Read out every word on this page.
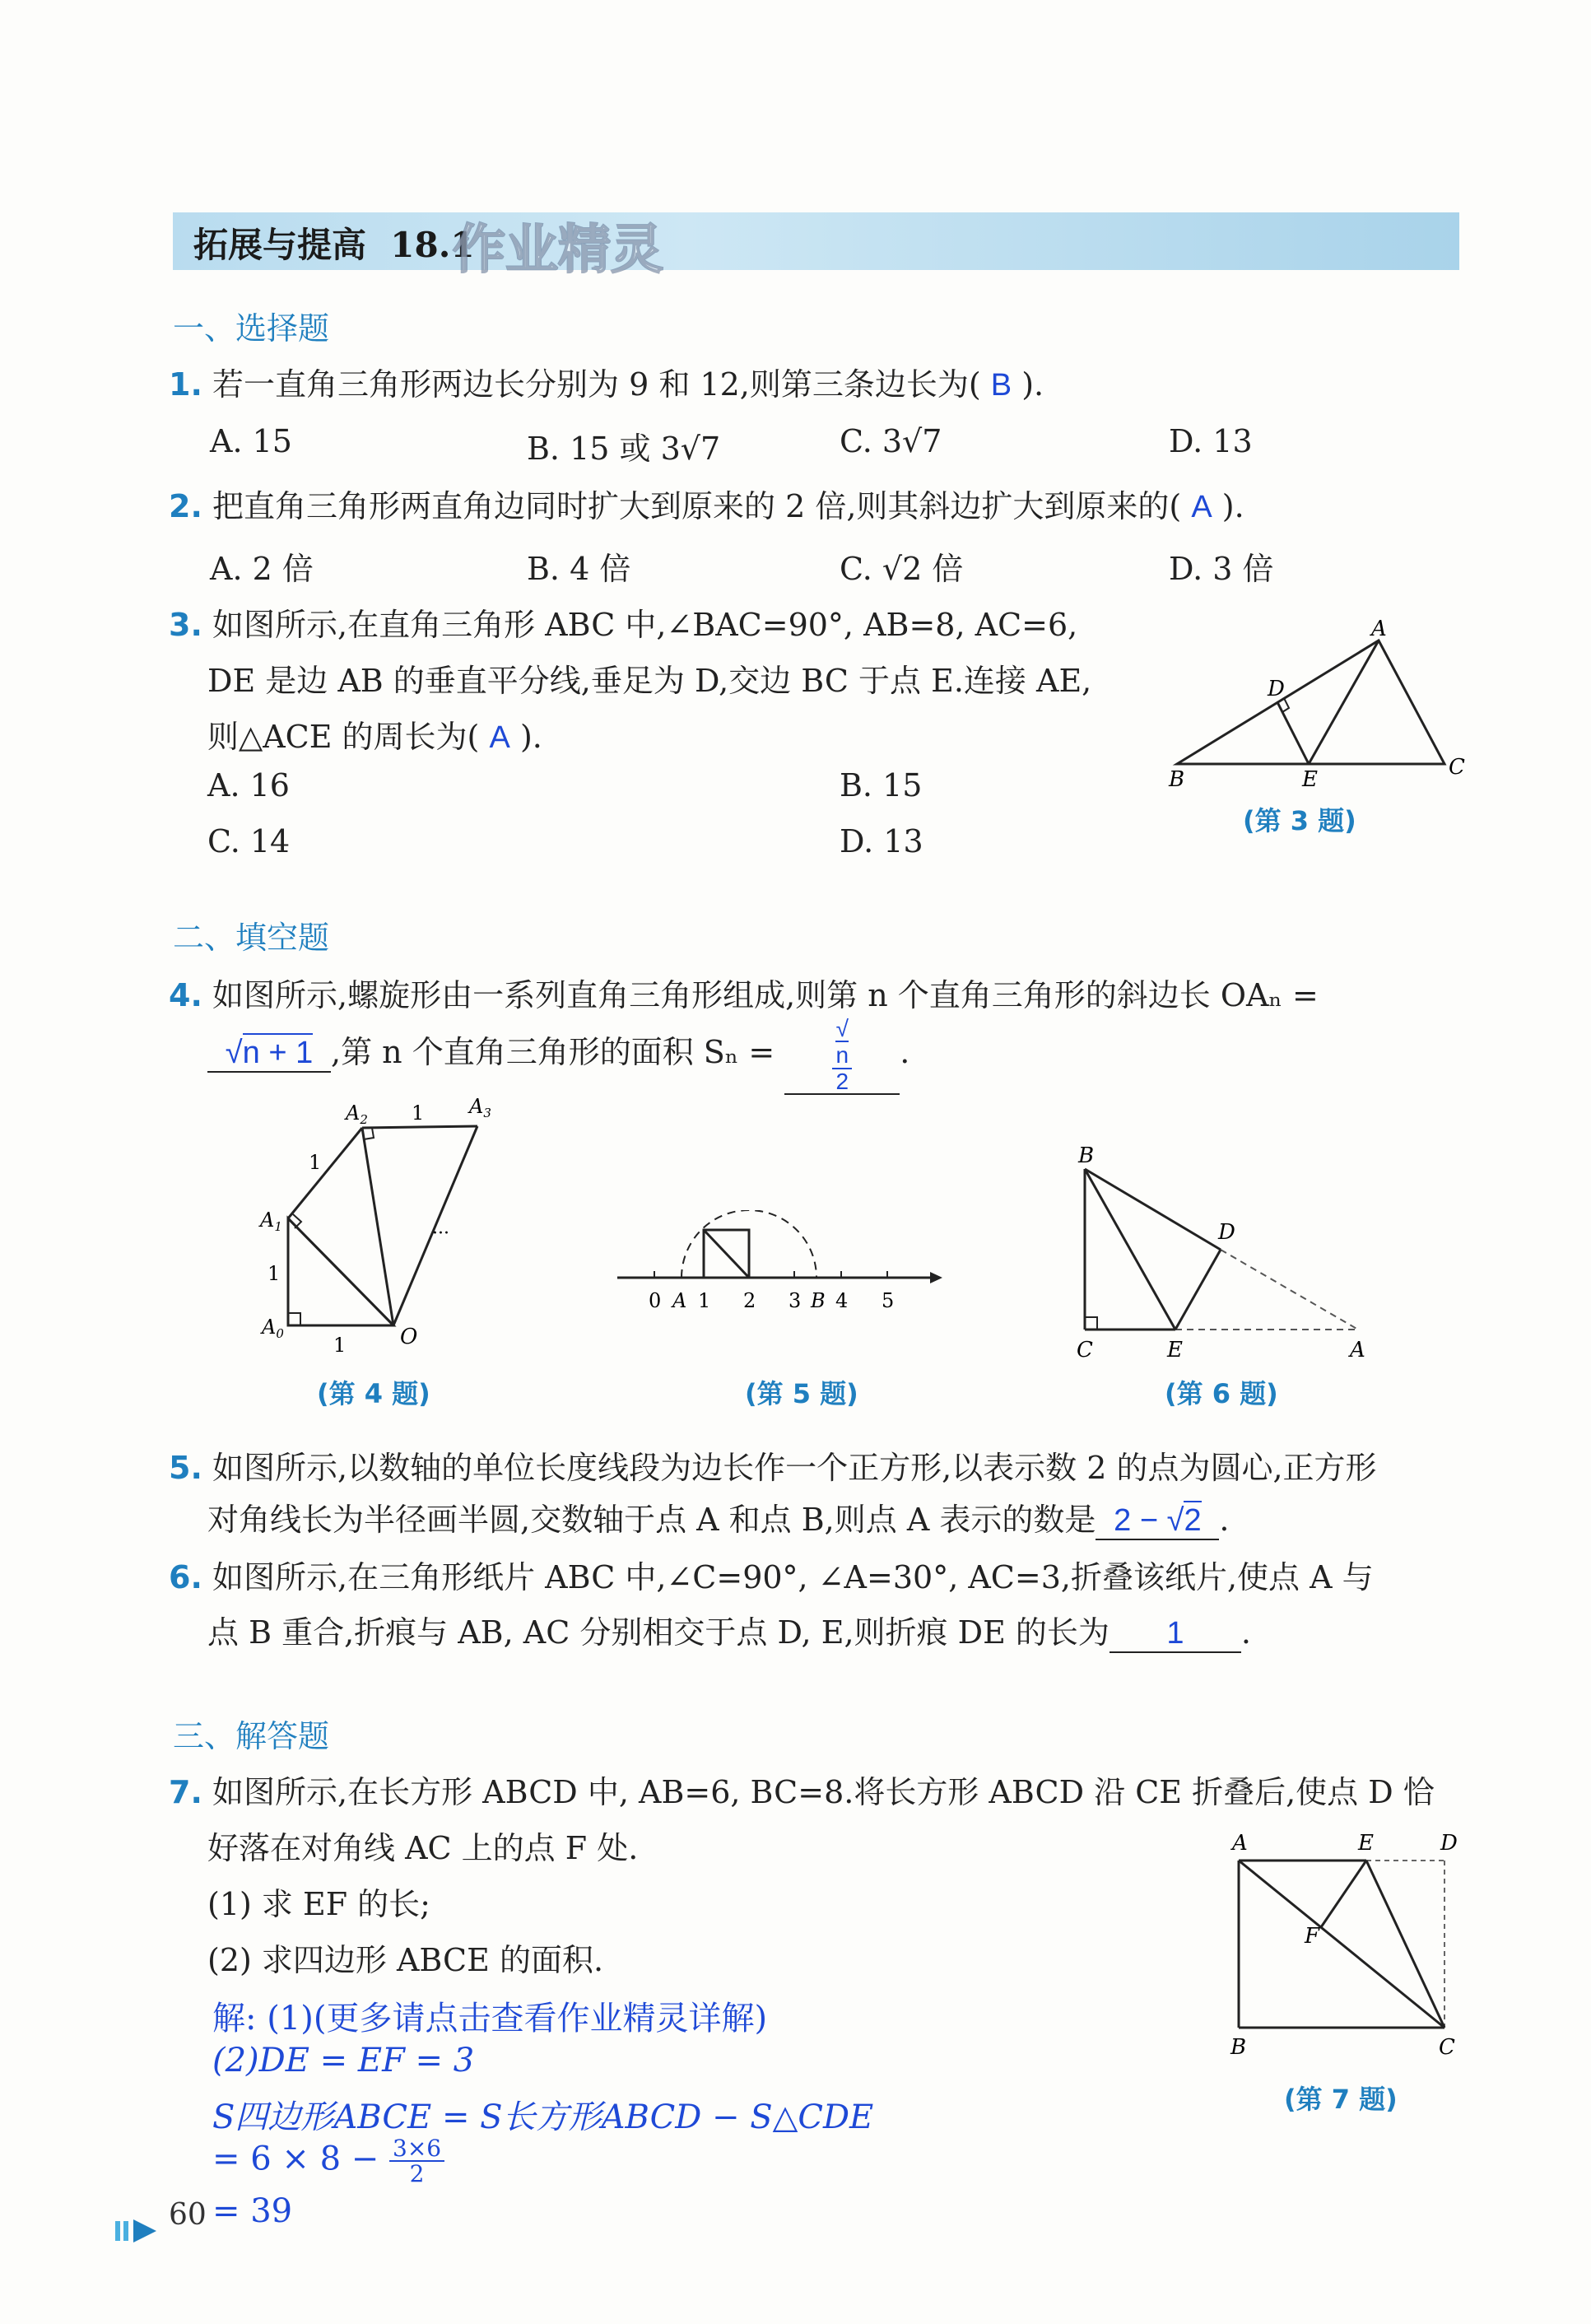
拓展与提高 18.1
作业精灵
一、选择题
1. 若一直角三角形两边长分别为 9 和 12,则第三条边长为( B ).
A. 15	B. 15 或 3√7	C. 3√7	D. 13
2. 把直角三角形两直角边同时扩大到原来的 2 倍,则其斜边扩大到原来的( A ).
A. 2 倍	B. 4 倍	C. √2 倍	D. 3 倍
3. 如图所示,在直角三角形 ABC 中,∠BAC=90°, AB=8, AC=6,
DE 是边 AB 的垂直平分线,垂足为 D,交边 BC 于点 E.连接 AE,
则△ACE 的周长为( A ).
A. 16	B. 15
C. 14	D. 13
A
D
B	E	C
(第 3 题)
二、填空题
4. 如图所示,螺旋形由一系列直角三角形组成,则第 n 个直角三角形的斜边长 OAₙ =
√n + 1 ,第 n 个直角三角形的面积 Sₙ =	√
n
2 .
$A_0$
$A_1$
$A_2$
$A_3$
O
1
1
1
1
···
(第 4 题)
0 A 1 2 3 B 4 5
(第 5 题)
B
D
C	E	A
(第 6 题)
5. 如图所示,以数轴的单位长度线段为边长作一个正方形,以表示数 2 的点为圆心,正方形
对角线长为半径画半圆,交数轴于点 A 和点 B,则点 A 表示的数是 2 − √2 .
6. 如图所示,在三角形纸片 ABC 中,∠C=90°, ∠A=30°, AC=3,折叠该纸片,使点 A 与
点 B 重合,折痕与 AB, AC 分别相交于点 D, E,则折痕 DE 的长为 1 .
三、解答题
7. 如图所示,在长方形 ABCD 中, AB=6, BC=8.将长方形 ABCD 沿 CE 折叠后,使点 D 恰
好落在对角线 AC 上的点 F 处.
(1) 求 EF 的长;
(2) 求四边形 ABCE 的面积.
解: (1)(更多请点击查看作业精灵详解)
(2)DE = EF = 3
S四边形ABCE = S长方形ABCD − S△CDE
= $6 \times 8 - \frac{3\times 6}{2}$
= 39
A	E	D
F
B	C
(第 7 题)
60
